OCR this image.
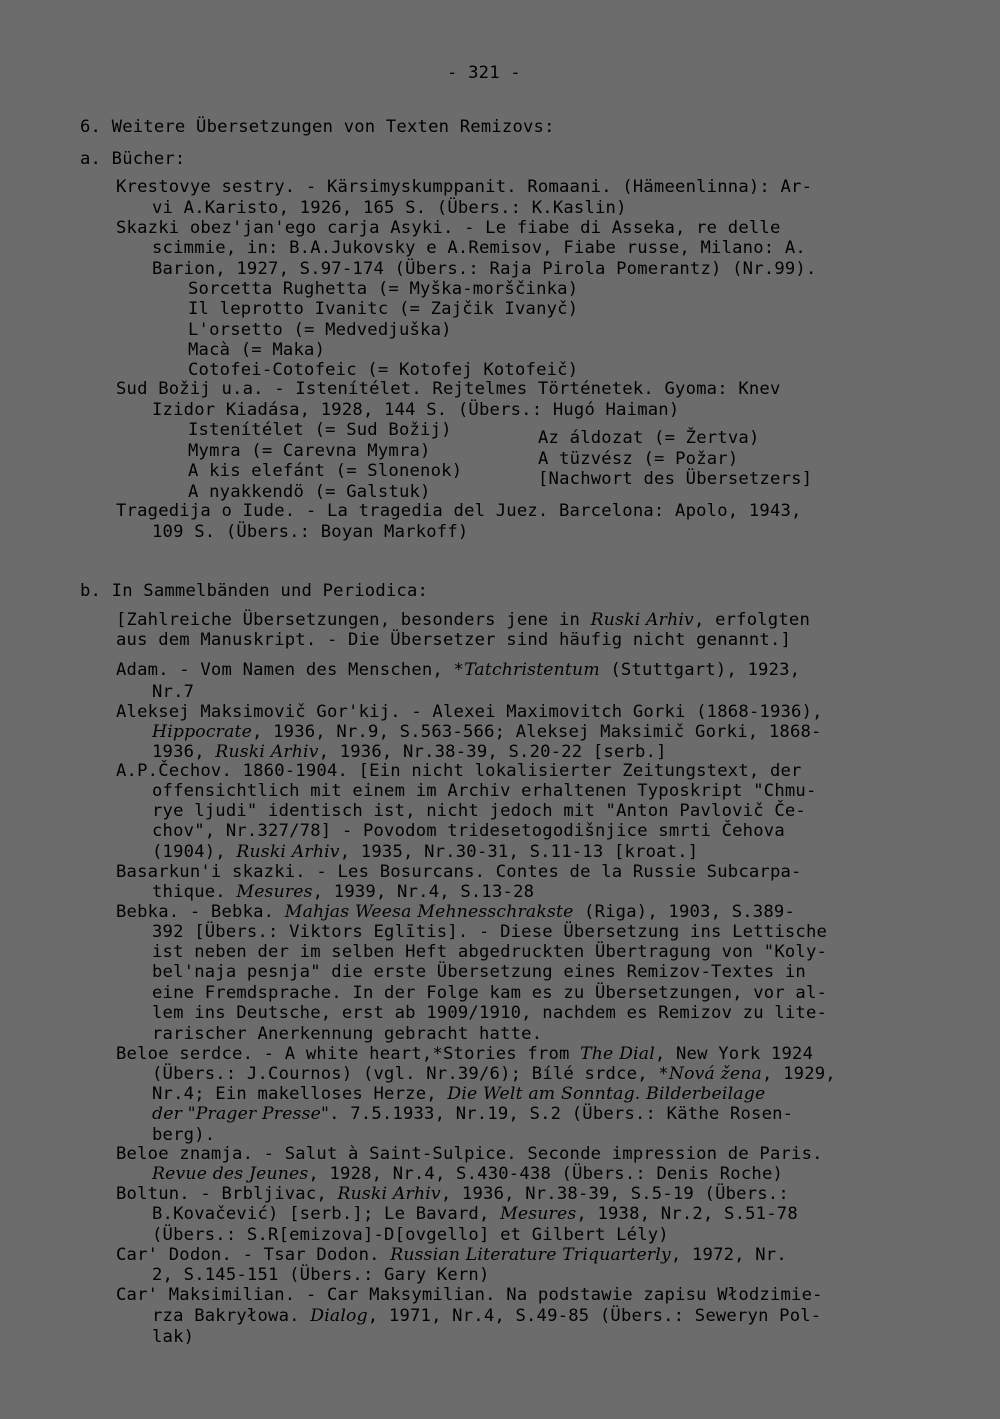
- 321 -
6. Weitere Übersetzungen von Texten Remizovs:
a. Bücher:
Krestovye sestry. - Kärsimyskumppanit. Romaani. (Hämeenlinna): Ar-
vi A.Karisto, 1926, 165 S. (Übers.: K.Kaslin)
Skazki obez'jan'ego carja Asyki. - Le fiabe di Asseka, re delle
scimmie, in: B.A.Jukovsky e A.Remisov, Fiabe russe, Milano: A.
Barion, 1927, S.97-174 (Übers.: Raja Pirola Pomerantz) (Nr.99).
Sorcetta Rughetta (= Myška-morščinka)
Il leprotto Ivanitc (= Zajčik Ivanyč)
L'orsetto (= Medvedjuška)
Macà (= Maka)
Cotofei-Cotofeic (= Kotofej Kotofeič)
Sud Božij u.a. - Istenítélet. Rejtelmes Történetek. Gyoma: Knev
Izidor Kiadása, 1928, 144 S. (Übers.: Hugó Haiman)
Istenítélet (= Sud Božij)
Mymra (= Carevna Mymra)
A kis elefánt (= Slonenok)
A nyakkendö (= Galstuk)
Az áldozat (= Žertva)
A tüzvész (= Požar)
[Nachwort des Übersetzers]
Tragedija o Iude. - La tragedia del Juez. Barcelona: Apolo, 1943,
109 S. (Übers.: Boyan Markoff)
b. In Sammelbänden und Periodica:
[Zahlreiche Übersetzungen, besonders jene in Ruski Arhiv, erfolgten
aus dem Manuskript. - Die Übersetzer sind häufig nicht genannt.]
Adam. - Vom Namen des Menschen, *Tatchristentum (Stuttgart), 1923,
Nr.7
Aleksej Maksimovič Gor'kij. - Alexei Maximovitch Gorki (1868-1936),
Hippocrate, 1936, Nr.9, S.563-566; Aleksej Maksimič Gorki, 1868-
1936, Ruski Arhiv, 1936, Nr.38-39, S.20-22 [serb.]
A.P.Čechov. 1860-1904. [Ein nicht lokalisierter Zeitungstext, der
offensichtlich mit einem im Archiv erhaltenen Typoskript "Chmu-
rye ljudi" identisch ist, nicht jedoch mit "Anton Pavlovič Če-
chov", Nr.327/78] - Povodom tridesetogodišnjice smrti Čehova
(1904), Ruski Arhiv, 1935, Nr.30-31, S.11-13 [kroat.]
Basarkun'i skazki. - Les Bosurcans. Contes de la Russie Subcarpa-
thique. Mesures, 1939, Nr.4, S.13-28
Bebka. - Bebka. Mahjas Weesa Mehnesschrakste (Riga), 1903, S.389-
392 [Übers.: Viktors Eglītis]. - Diese Übersetzung ins Lettische
ist neben der im selben Heft abgedruckten Übertragung von "Koly-
bel'naja pesnja" die erste Übersetzung eines Remizov-Textes in
eine Fremdsprache. In der Folge kam es zu Übersetzungen, vor al-
lem ins Deutsche, erst ab 1909/1910, nachdem es Remizov zu lite-
rarischer Anerkennung gebracht hatte.
Beloe serdce. - A white heart,*Stories from The Dial, New York 1924
(Übers.: J.Cournos) (vgl. Nr.39/6); Bílé srdce, *Nová žena, 1929,
Nr.4; Ein makelloses Herze, Die Welt am Sonntag. Bilderbeilage
der "Prager Presse". 7.5.1933, Nr.19, S.2 (Übers.: Käthe Rosen-
berg).
Beloe znamja. - Salut à Saint-Sulpice. Seconde impression de Paris.
Revue des Jeunes, 1928, Nr.4, S.430-438 (Übers.: Denis Roche)
Boltun. - Brbljivac, Ruski Arhiv, 1936, Nr.38-39, S.5-19 (Übers.:
B.Kovačević) [serb.]; Le Bavard, Mesures, 1938, Nr.2, S.51-78
(Übers.: S.R[emizova]-D[ovgello] et Gilbert Lély)
Car' Dodon. - Tsar Dodon. Russian Literature Triquarterly, 1972, Nr.
2, S.145-151 (Übers.: Gary Kern)
Car' Maksimilian. - Car Maksymilian. Na podstawie zapisu Włodzimie-
rza Bakryłowa. Dialog, 1971, Nr.4, S.49-85 (Übers.: Seweryn Pol-
lak)
